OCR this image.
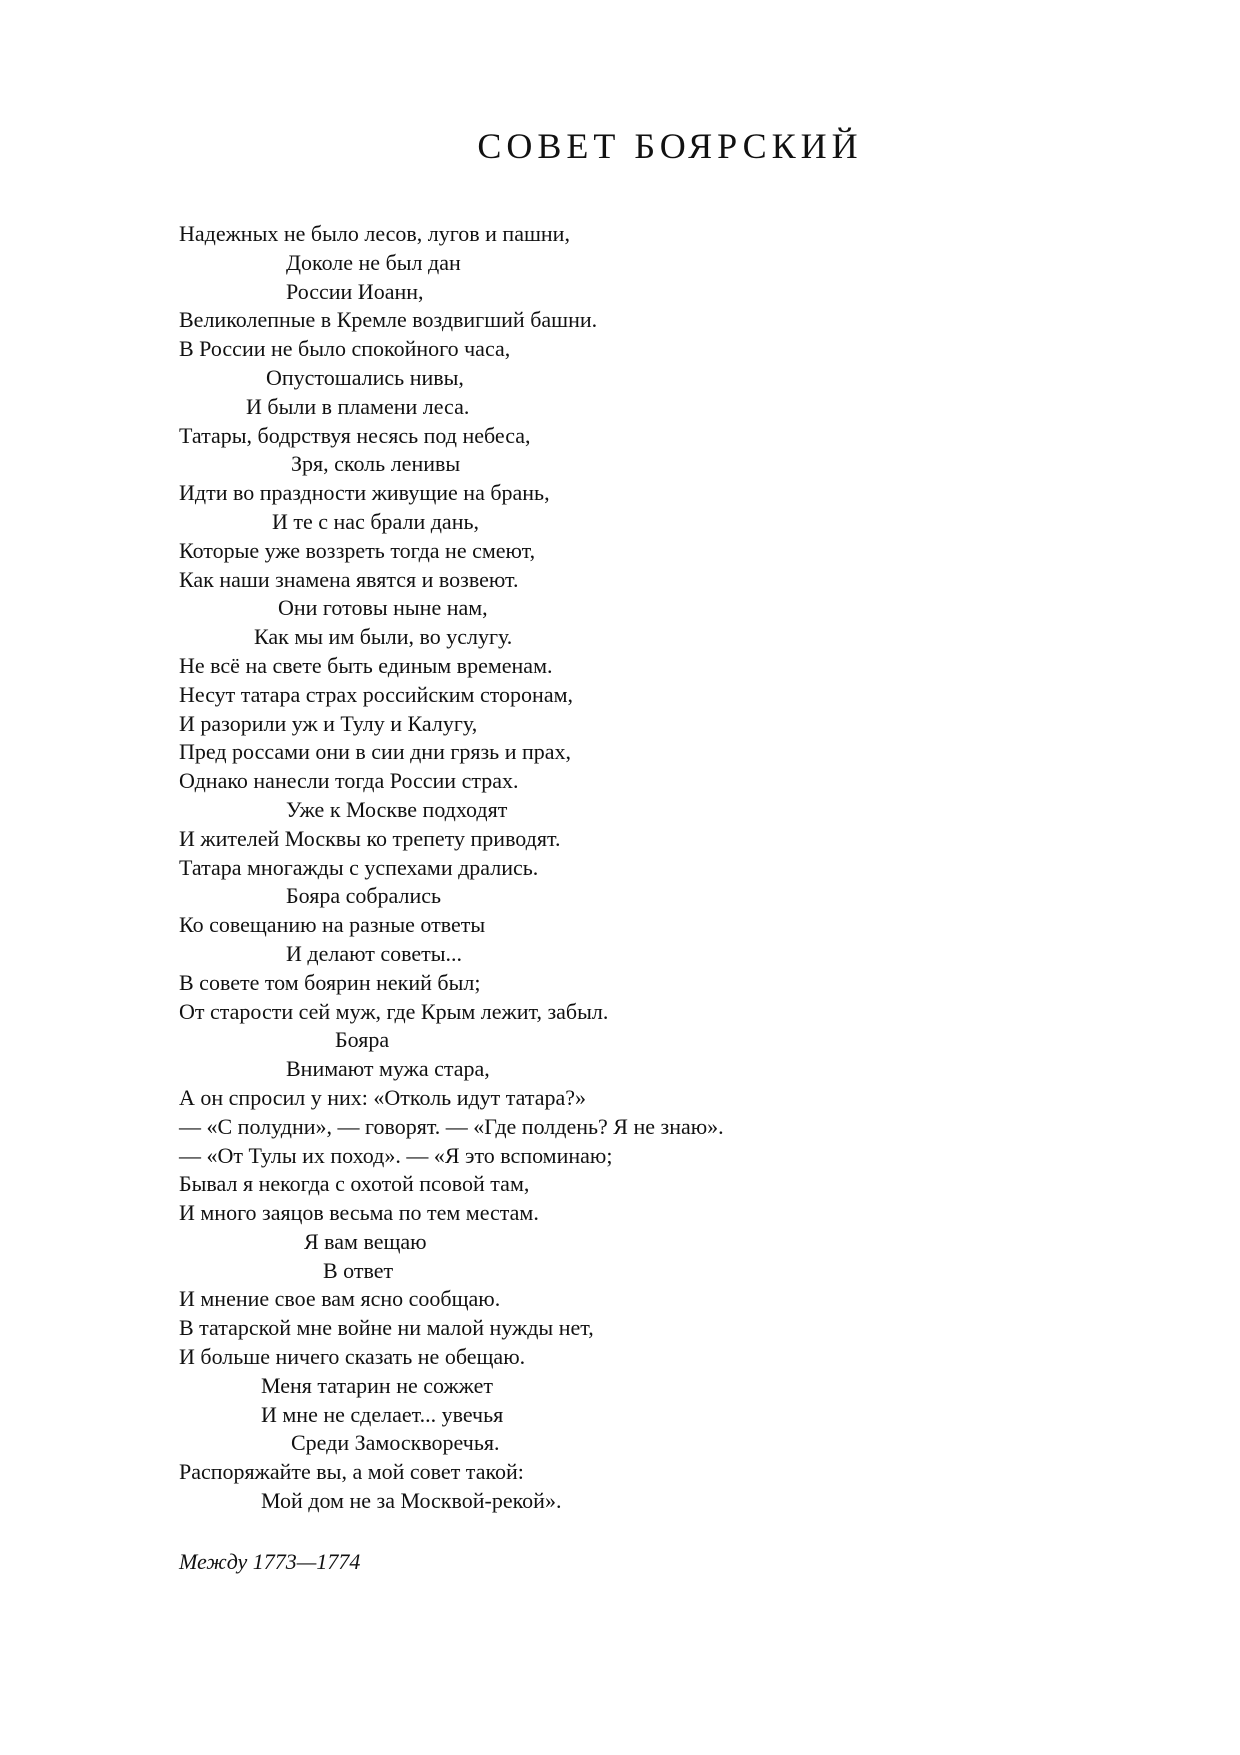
СОВЕТ БОЯРСКИЙ
Надежных не было лесов, лугов и пашни,
Доколе не был дан
России Иоанн,
Великолепные в Кремле воздвигший башни.
В России не было спокойного часа,
Опустошались нивы,
И были в пламени леса.
Татары, бодрствуя несясь под небеса,
Зря, сколь ленивы
Идти во праздности живущие на брань,
И те с нас брали дань,
Которые уже воззреть тогда не смеют,
Как наши знамена явятся и возвеют.
Они готовы ныне нам,
Как мы им были, во услугу.
Не всё на свете быть единым временам.
Несут татара страх российским сторонам,
И разорили уж и Тулу и Калугу,
Пред россами они в сии дни грязь и прах,
Однако нанесли тогда России страх.
Уже к Москве подходят
И жителей Москвы ко трепету приводят.
Татара многажды с успехами дрались.
Бояра собрались
Ко совещанию на разные ответы
И делают советы...
В совете том боярин некий был;
От старости сей муж, где Крым лежит, забыл.
Бояра
Внимают мужа стара,
А он спросил у них: «Отколь идут татара?»
— «С полудни», — говорят. — «Где полдень? Я не знаю».
— «От Тулы их поход». — «Я это вспоминаю;
Бывал я некогда с охотой псовой там,
И много заяцов весьма по тем местам.
Я вам вещаю
В ответ
И мнение свое вам ясно сообщаю.
В татарской мне войне ни малой нужды нет,
И больше ничего сказать не обещаю.
Меня татарин не сожжет
И мне не сделает... увечья
Среди Замоскворечья.
Распоряжайте вы, а мой совет такой:
Мой дом не за Москвой-рекой».
Между 1773—1774
